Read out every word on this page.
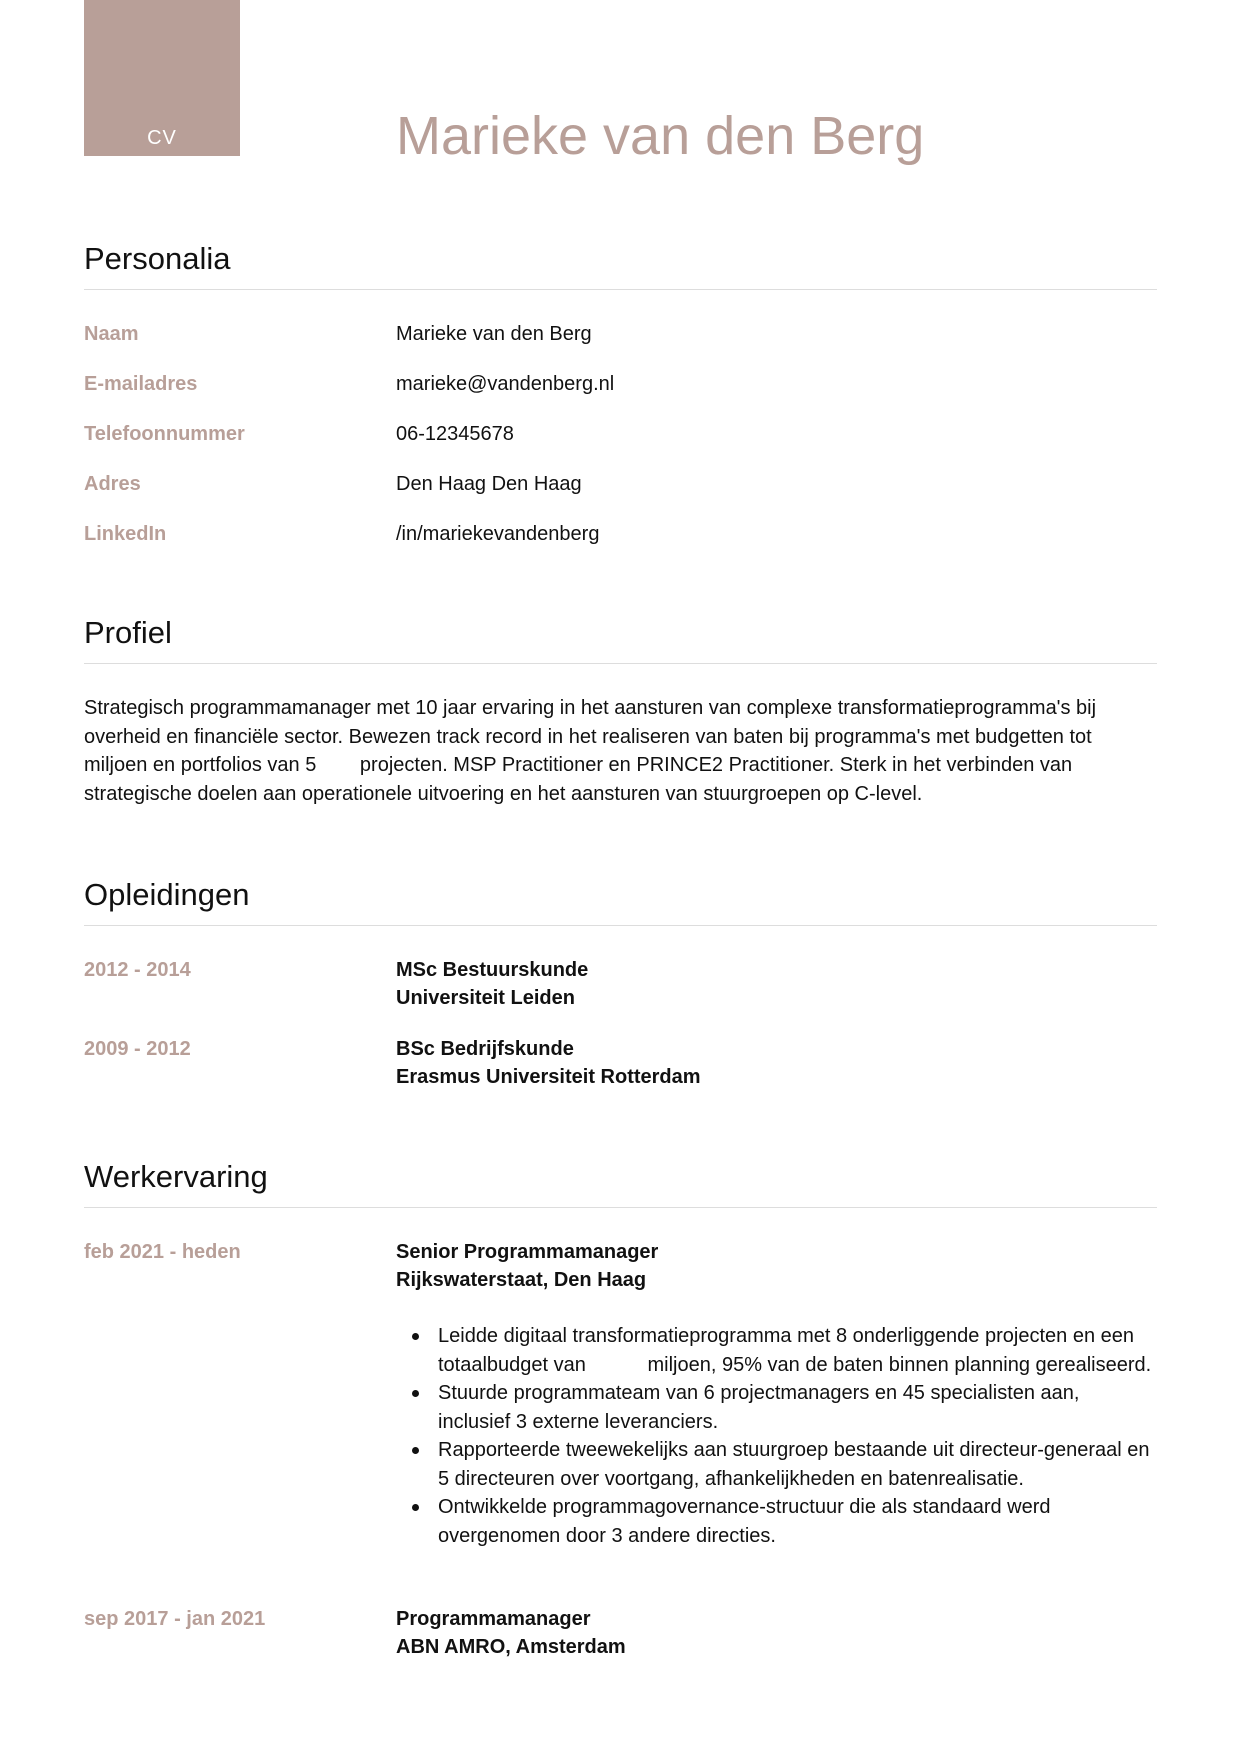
CV	Marieke van den Berg
Personalia
Naam	Marieke van den Berg
E-mailadres	marieke@vandenberg.nl
Telefoonnummer	06-12345678
Adres	Den Haag Den Haag
LinkedIn	/in/mariekevandenberg
Profiel
Strategisch programmamanager met 10 jaar ervaring in het aansturen van complexe transformatieprogramma's bij overheid en financiële sector. Bewezen track record in het realiseren van baten bij programma's met budgetten tot miljoen en portfolios van 5 projecten. MSP Practitioner en PRINCE2 Practitioner. Sterk in het verbinden van strategische doelen aan operationele uitvoering en het aansturen van stuurgroepen op C-level.
Opleidingen
2012 - 2014	MSc Bestuurskunde
Universiteit Leiden
2009 - 2012	BSc Bedrijfskunde
Erasmus Universiteit Rotterdam
Werkervaring
feb 2021 - heden	Senior Programmamanager
Rijkswaterstaat, Den Haag
Leidde digitaal transformatieprogramma met 8 onderliggende projecten en een totaalbudget van	miljoen, 95% van de baten binnen planning gerealiseerd.
Stuurde programmateam van 6 projectmanagers en 45 specialisten aan, inclusief 3 externe leveranciers.
Rapporteerde tweewekelijks aan stuurgroep bestaande uit directeur-generaal en 5 directeuren over voortgang, afhankelijkheden en batenrealisatie.
Ontwikkelde programmagovernance-structuur die als standaard werd overgenomen door 3 andere directies.
sep 2017 - jan 2021	Programmamanager
ABN AMRO, Amsterdam
